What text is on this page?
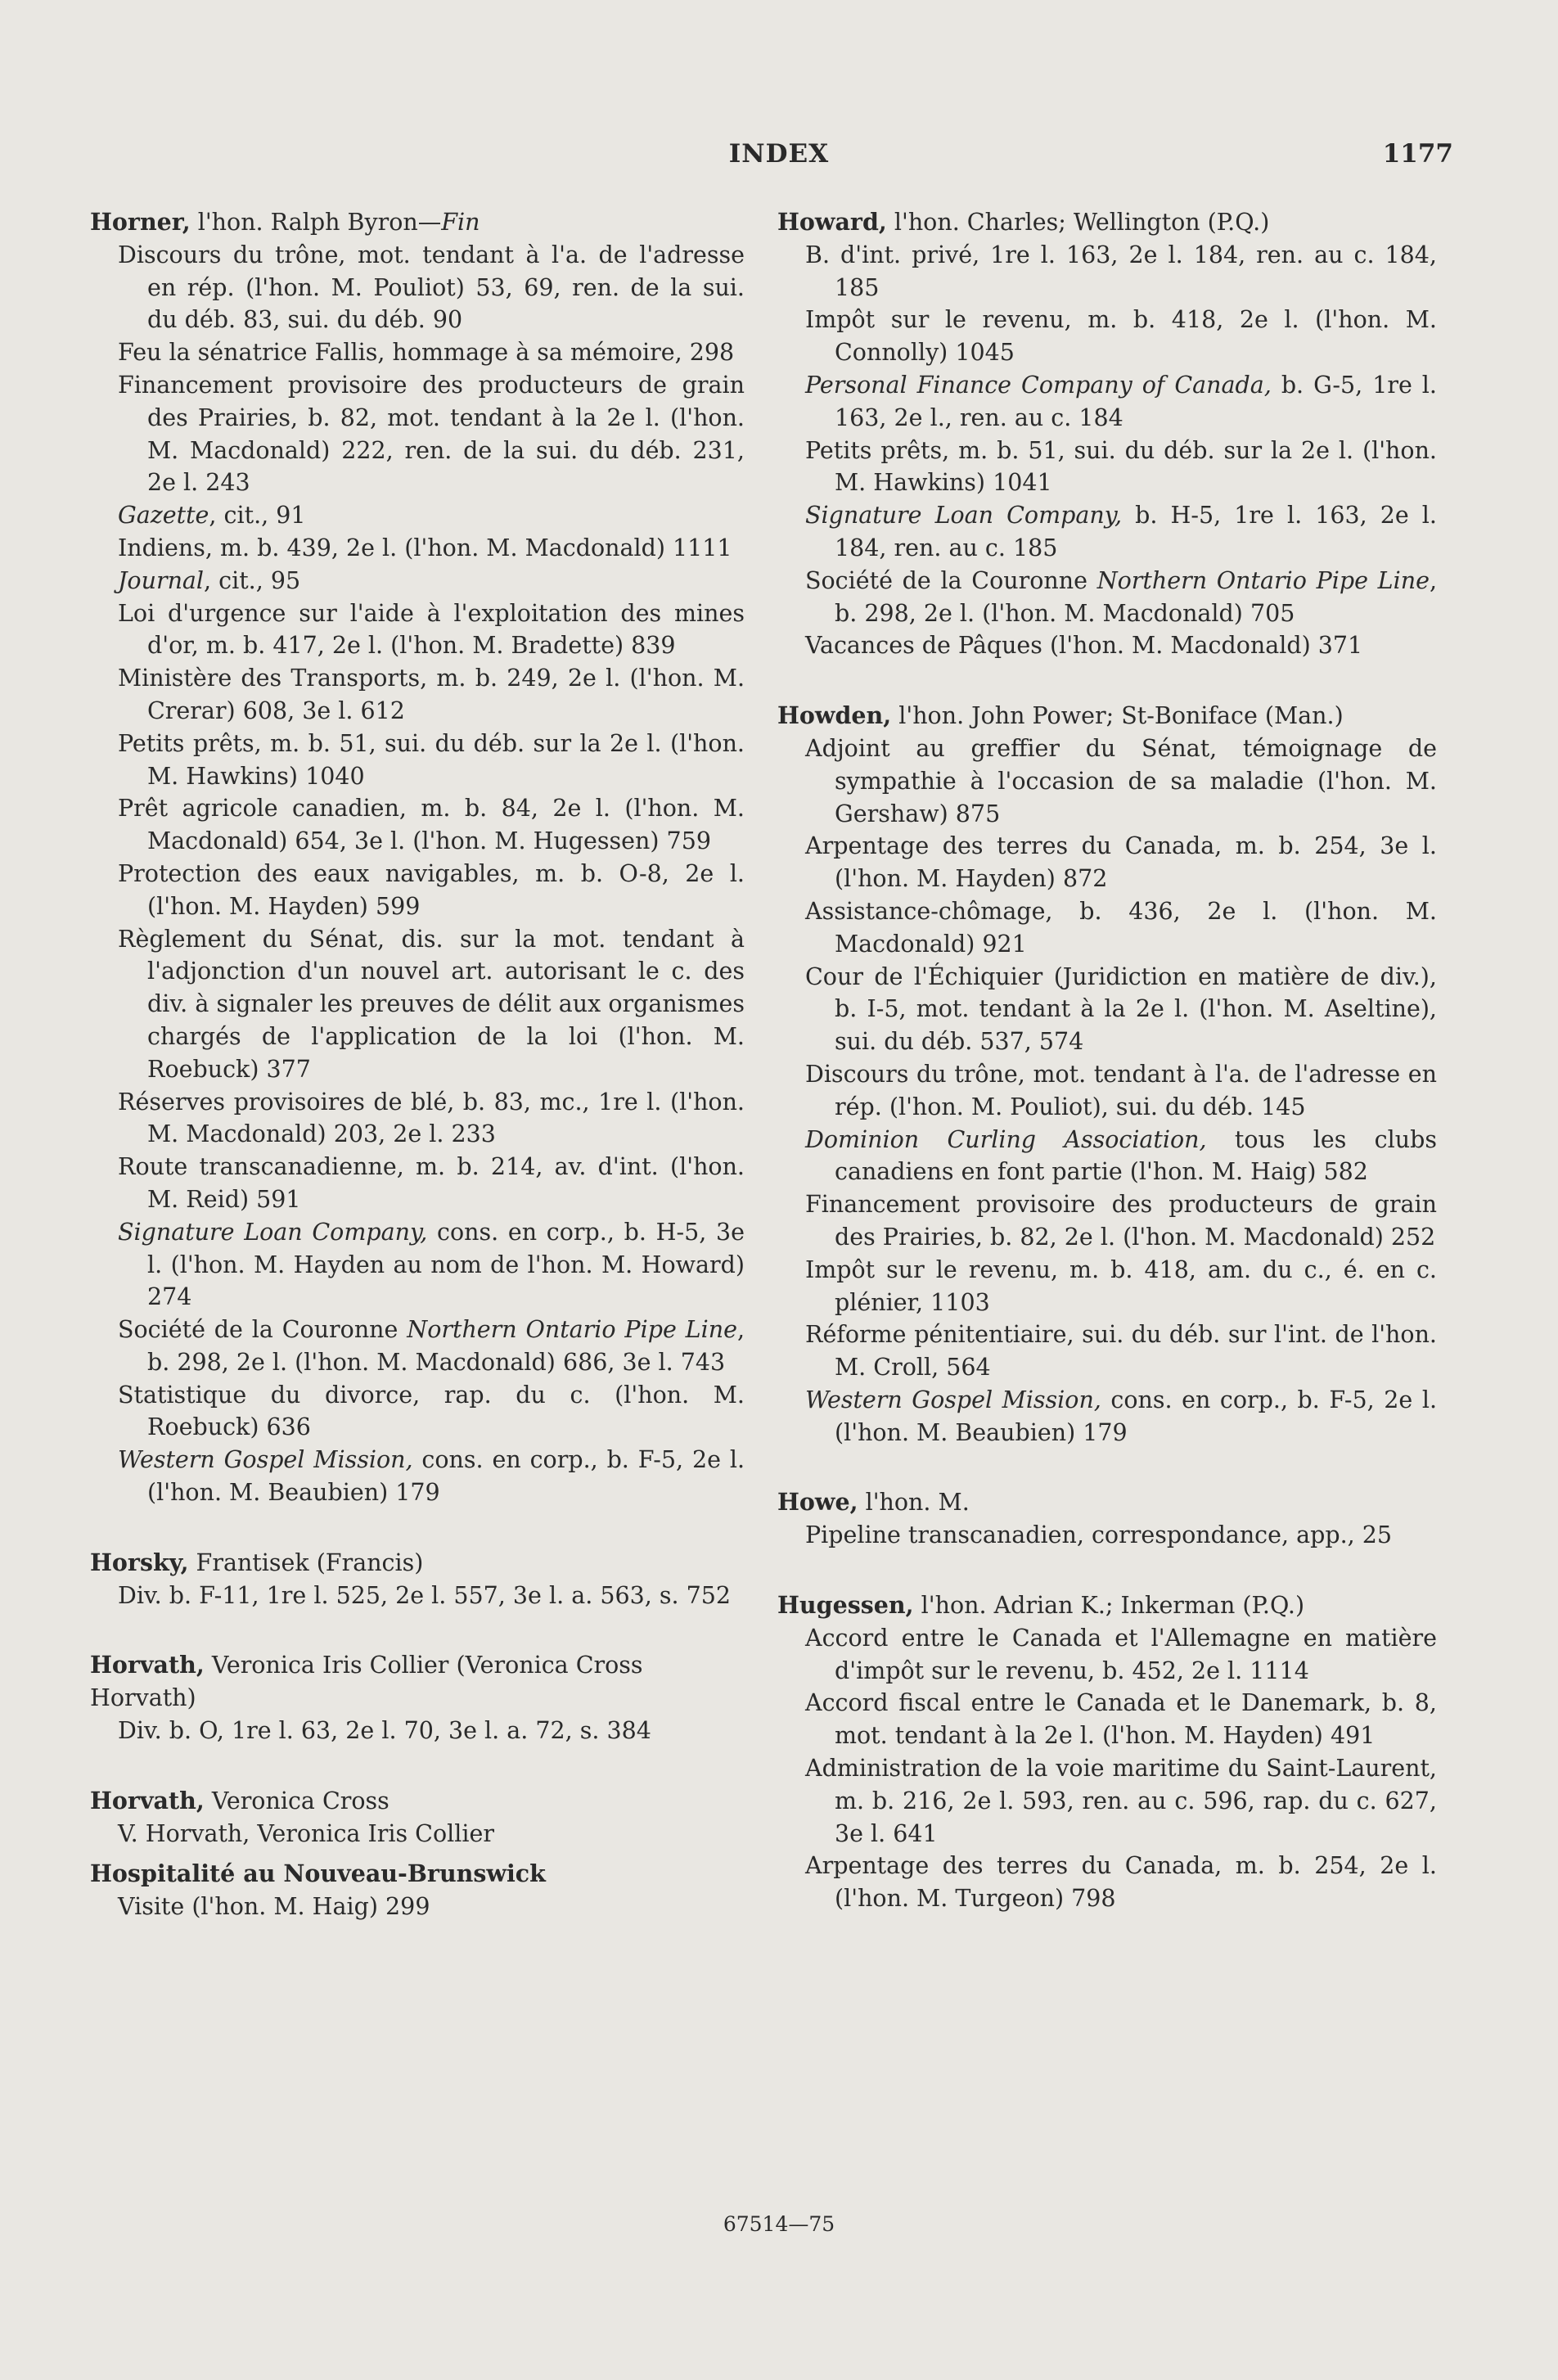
INDEX	1177
Horner, l'hon. Ralph Byron—Fin
Discours du trône, mot. tendant à l'a. de l'adresse en rép. (l'hon. M. Pouliot) 53, 69, ren. de la sui. du déb. 83, sui. du déb. 90
Feu la sénatrice Fallis, hommage à sa mémoire, 298
Financement provisoire des producteurs de grain des Prairies, b. 82, mot. tendant à la 2e l. (l'hon. M. Macdonald) 222, ren. de la sui. du déb. 231, 2e l. 243
Gazette, cit., 91
Indiens, m. b. 439, 2e l. (l'hon. M. Macdonald) 1111
Journal, cit., 95
Loi d'urgence sur l'aide à l'exploitation des mines d'or, m. b. 417, 2e l. (l'hon. M. Bradette) 839
Ministère des Transports, m. b. 249, 2e l. (l'hon. M. Crerar) 608, 3e l. 612
Petits prêts, m. b. 51, sui. du déb. sur la 2e l. (l'hon. M. Hawkins) 1040
Prêt agricole canadien, m. b. 84, 2e l. (l'hon. M. Macdonald) 654, 3e l. (l'hon. M. Hugessen) 759
Protection des eaux navigables, m. b. O-8, 2e l. (l'hon. M. Hayden) 599
Règlement du Sénat, dis. sur la mot. tendant à l'adjonction d'un nouvel art. autorisant le c. des div. à signaler les preuves de délit aux organismes chargés de l'application de la loi (l'hon. M. Roebuck) 377
Réserves provisoires de blé, b. 83, mc., 1re l. (l'hon. M. Macdonald) 203, 2e l. 233
Route transcanadienne, m. b. 214, av. d'int. (l'hon. M. Reid) 591
Signature Loan Company, cons. en corp., b. H-5, 3e l. (l'hon. M. Hayden au nom de l'hon. M. Howard) 274
Société de la Couronne Northern Ontario Pipe Line, b. 298, 2e l. (l'hon. M. Macdonald) 686, 3e l. 743
Statistique du divorce, rap. du c. (l'hon. M. Roebuck) 636
Western Gospel Mission, cons. en corp., b. F-5, 2e l. (l'hon. M. Beaubien) 179
Horsky, Frantisek (Francis)
Div. b. F-11, 1re l. 525, 2e l. 557, 3e l. a. 563, s. 752
Horvath, Veronica Iris Collier (Veronica Cross Horvath)
Div. b. O, 1re l. 63, 2e l. 70, 3e l. a. 72, s. 384
Horvath, Veronica Cross
V. Horvath, Veronica Iris Collier
Hospitalité au Nouveau-Brunswick
Visite (l'hon. M. Haig) 299
Howard, l'hon. Charles; Wellington (P.Q.)
B. d'int. privé, 1re l. 163, 2e l. 184, ren. au c. 184, 185
Impôt sur le revenu, m. b. 418, 2e l. (l'hon. M. Connolly) 1045
Personal Finance Company of Canada, b. G-5, 1re l. 163, 2e l., ren. au c. 184
Petits prêts, m. b. 51, sui. du déb. sur la 2e l. (l'hon. M. Hawkins) 1041
Signature Loan Company, b. H-5, 1re l. 163, 2e l. 184, ren. au c. 185
Société de la Couronne Northern Ontario Pipe Line, b. 298, 2e l. (l'hon. M. Macdonald) 705
Vacances de Pâques (l'hon. M. Macdonald) 371
Howden, l'hon. John Power; St-Boniface (Man.)
Adjoint au greffier du Sénat, témoignage de sympathie à l'occasion de sa maladie (l'hon. M. Gershaw) 875
Arpentage des terres du Canada, m. b. 254, 3e l. (l'hon. M. Hayden) 872
Assistance-chômage, b. 436, 2e l. (l'hon. M. Macdonald) 921
Cour de l'Échiquier (Juridiction en matière de div.), b. I-5, mot. tendant à la 2e l. (l'hon. M. Aseltine), sui. du déb. 537, 574
Discours du trône, mot. tendant à l'a. de l'adresse en rép. (l'hon. M. Pouliot), sui. du déb. 145
Dominion Curling Association, tous les clubs canadiens en font partie (l'hon. M. Haig) 582
Financement provisoire des producteurs de grain des Prairies, b. 82, 2e l. (l'hon. M. Macdonald) 252
Impôt sur le revenu, m. b. 418, am. du c., é. en c. plénier, 1103
Réforme pénitentiaire, sui. du déb. sur l'int. de l'hon. M. Croll, 564
Western Gospel Mission, cons. en corp., b. F-5, 2e l. (l'hon. M. Beaubien) 179
Howe, l'hon. M.
Pipeline transcanadien, correspondance, app., 25
Hugessen, l'hon. Adrian K.; Inkerman (P.Q.)
Accord entre le Canada et l'Allemagne en matière d'impôt sur le revenu, b. 452, 2e l. 1114
Accord fiscal entre le Canada et le Danemark, b. 8, mot. tendant à la 2e l. (l'hon. M. Hayden) 491
Administration de la voie maritime du Saint-Laurent, m. b. 216, 2e l. 593, ren. au c. 596, rap. du c. 627, 3e l. 641
Arpentage des terres du Canada, m. b. 254, 2e l. (l'hon. M. Turgeon) 798
67514—75
